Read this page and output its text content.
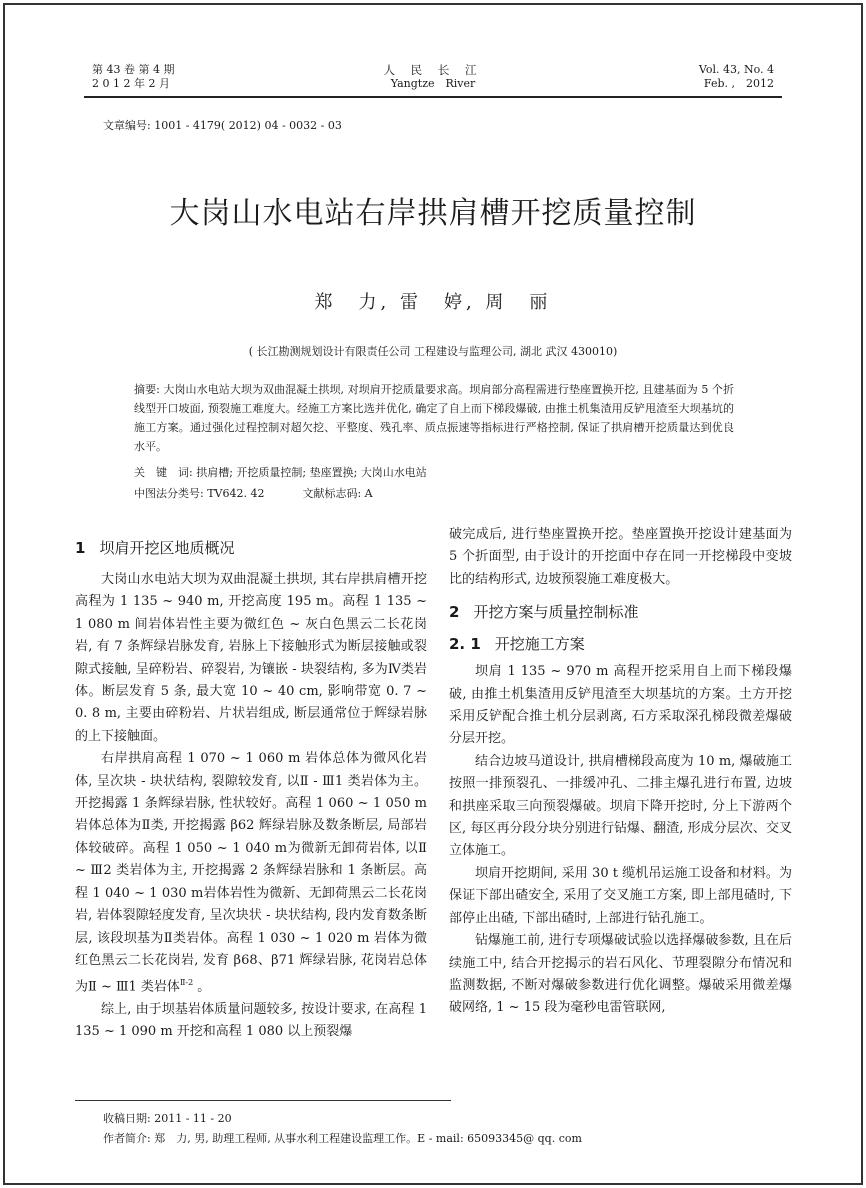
第 43 卷 第 4 期
2 0 1 2 年 2 月
人 民 长 江
Yangtze　River
Vol. 43, No. 4
Feb. ,　2012
文章编号: 1001 - 4179( 2012) 04 - 0032 - 03
大岗山水电站右岸拱肩槽开挖质量控制
郑　力, 雷　婷, 周　丽
( 长江勘测规划设计有限责任公司 工程建设与监理公司, 湖北 武汉 430010)

摘要: 大岗山水电站大坝为双曲混凝土拱坝, 对坝肩开挖质量要求高。坝肩部分高程需进行垫座置换开挖, 且建基面为 5 个折线型开口坡面, 预裂施工难度大。经施工方案比选并优化, 确定了自上而下梯段爆破, 由推土机集渣用反铲甩渣至大坝基坑的施工方案。通过强化过程控制对超欠挖、平整度、残孔率、质点振速等指标进行严格控制, 保证了拱肩槽开挖质量达到优良水平。

关　键　词: 拱肩槽; 开挖质量控制; 垫座置换; 大岗山水电站
中图法分类号: TV642. 42	文献标志码: A
1 坝肩开挖区地质概况

大岗山水电站大坝为双曲混凝土拱坝, 其右岸拱肩槽开挖高程为 1 135 ~ 940 m, 开挖高度 195 m。高程 1 135 ~ 1 080 m 间岩体岩性主要为微红色 ~ 灰白色黑云二长花岗岩, 有 7 条辉绿岩脉发育, 岩脉上下接触形式为断层接触或裂隙式接触, 呈碎粉岩、碎裂岩, 为镶嵌 - 块裂结构, 多为Ⅳ类岩体。断层发育 5 条, 最大宽 10 ~ 40 cm, 影响带宽 0. 7 ~ 0. 8 m, 主要由碎粉岩、片状岩组成, 断层通常位于辉绿岩脉的上下接触面。

右岸拱肩高程 1 070 ~ 1 060 m 岩体总体为微风化岩体, 呈次块 - 块状结构, 裂隙较发育, 以Ⅱ - Ⅲ1 类岩体为主。开挖揭露 1 条辉绿岩脉, 性状较好。高程 1 060 ~ 1 050 m 岩体总体为Ⅱ类, 开挖揭露 β62 辉绿岩脉及数条断层, 局部岩体较破碎。高程 1 050 ~ 1 040 m为微新无卸荷岩体, 以Ⅱ ~ Ⅲ2 类岩体为主, 开挖揭露 2 条辉绿岩脉和 1 条断层。高程 1 040 ~ 1 030 m岩体岩性为微新、无卸荷黑云二长花岗岩, 岩体裂隙轻度发育, 呈次块状 - 块状结构, 段内发育数条断层, 该段坝基为Ⅱ类岩体。高程 1 030 ~ 1 020 m 岩体为微红色黑云二长花岗岩, 发育 β68、β71 辉绿岩脉, 花岗岩总体为Ⅱ ~ Ⅲ1 类岩体$^{Ⅱ-2}$ 。

综上, 由于坝基岩体质量问题较多, 按设计要求, 在高程 1 135 ~ 1 090 m 开挖和高程 1 080 以上预裂爆

破完成后, 进行垫座置换开挖。垫座置换开挖设计建基面为 5 个折面型, 由于设计的开挖面中存在同一开挖梯段中变坡比的结构形式, 边坡预裂施工难度极大。

2 开挖方案与质量控制标准
2. 1 开挖施工方案

坝肩 1 135 ~ 970 m 高程开挖采用自上而下梯段爆破, 由推土机集渣用反铲甩渣至大坝基坑的方案。土方开挖采用反铲配合推土机分层剥离, 石方采取深孔梯段微差爆破分层开挖。

结合边坡马道设计, 拱肩槽梯段高度为 10 m, 爆破施工按照一排预裂孔、一排缓冲孔、二排主爆孔进行布置, 边坡和拱座采取三向预裂爆破。坝肩下降开挖时, 分上下游两个区, 每区再分段分块分别进行钻爆、翻渣, 形成分层次、交叉立体施工。

坝肩开挖期间, 采用 30 t 缆机吊运施工设备和材料。为保证下部出碴安全, 采用了交叉施工方案, 即上部甩碴时, 下部停止出碴, 下部出碴时, 上部进行钻孔施工。

钻爆施工前, 进行专项爆破试验以选择爆破参数, 且在后续施工中, 结合开挖揭示的岩石风化、节理裂隙分布情况和监测数据, 不断对爆破参数进行优化调整。爆破采用微差爆破网络, 1 ~ 15 段为毫秒电雷管联网,

收稿日期: 2011 - 11 - 20
作者简介: 郑　力, 男, 助理工程师, 从事水利工程建设监理工作。E - mail: 65093345@ qq. com
